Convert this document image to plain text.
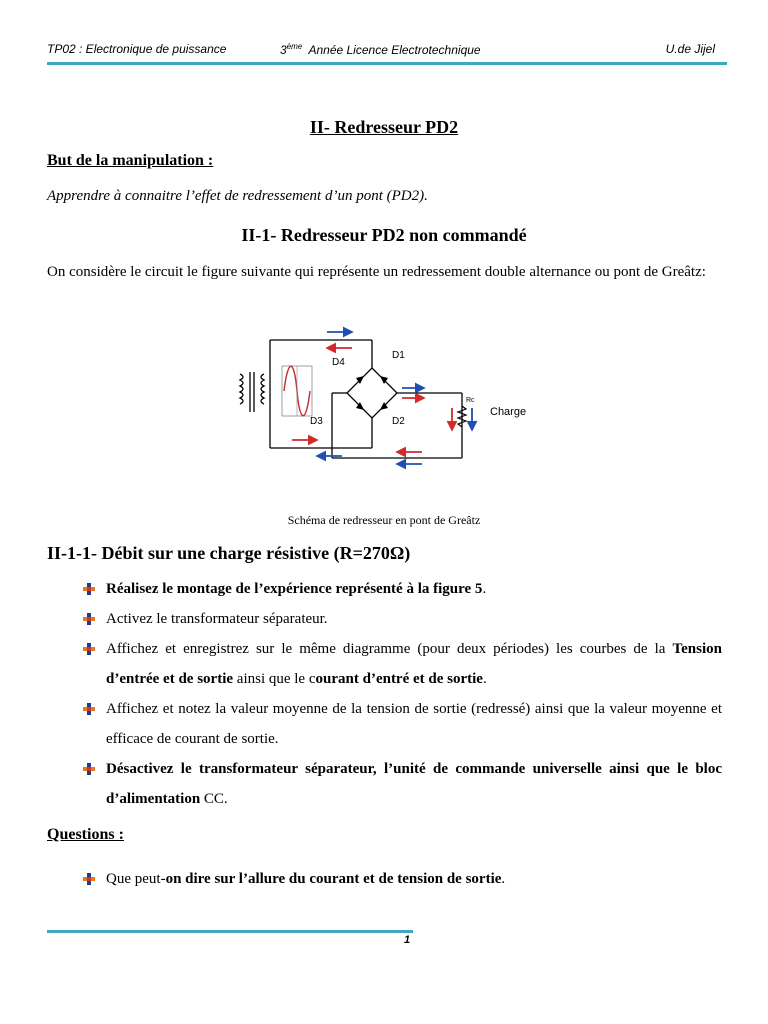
TP02 : Electronique de puissance	3ème  Année Licence Electrotechnique	U.de Jijel
II- Redresseur PD2
But de la manipulation :
Apprendre à connaitre l’effet de redressement d’un pont (PD2).
II-1- Redresseur PD2 non commandé
On considère le circuit le figure suivante qui représente un redressement double alternance ou pont de Greâtz:
D4
D1
D3	D2
Rc
Charge
Schéma de redresseur en pont de Greâtz
II-1-1- Débit sur une charge résistive (R=270Ω)
Réalisez le montage de l’expérience représenté à la figure 5.
Activez le transformateur séparateur.
Affichez et enregistrez sur le même diagramme (pour deux périodes) les courbes de la Tension d’entrée et de sortie ainsi que le courant d’entré et de sortie.
Affichez et notez la valeur moyenne de la tension de sortie (redressé) ainsi que la valeur moyenne et efficace de courant de sortie.
Désactivez le transformateur séparateur, l’unité de commande universelle ainsi que le bloc d’alimentation CC.
Questions :
Que peut-on dire sur l’allure du courant et de tension de sortie.
1
